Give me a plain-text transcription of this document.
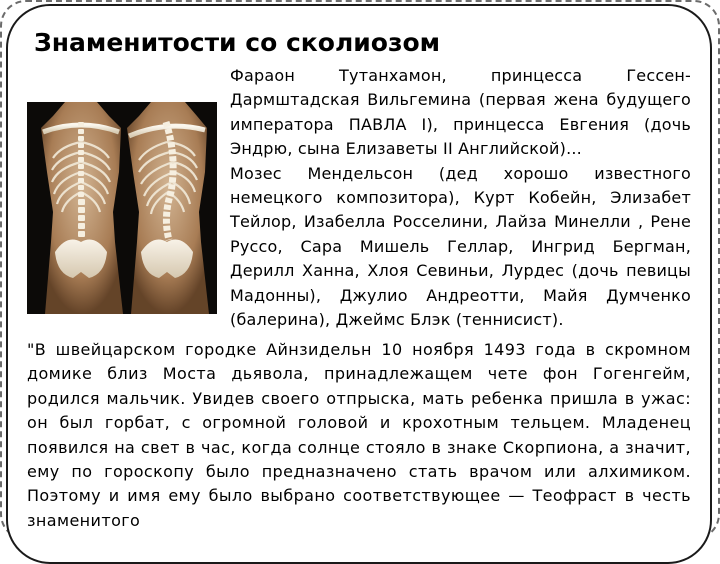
Знаменитости со сколиозом

Фараон Тутанхамон, принцесса Гессен-Дармштадская Вильгемина (первая жена будущего императора ПАВЛА I), принцесса Евгения (дочь Эндрю, сына Елизаветы II Английской)...

Мозес Мендельсон (дед хорошо известного немецкого композитора), Курт Кобейн, Элизабет Тейлор, Изабелла Росселини, Лайза Минелли , Рене Руссо, Сара Мишель Геллар, Ингрид Бергман, Дерилл Ханна, Хлоя Севиньи, Лурдес (дочь певицы Мадонны), Джулио Андреотти, Майя Думченко (балерина), Джеймс Блэк (теннисист).

"В швейцарском городке Айнзидельн 10 ноября 1493 года в скромном домике близ Моста дьявола, принадлежащем чете фон Гогенгейм, родился мальчик. Увидев своего отпрыска, мать ребенка пришла в ужас: он был горбат, с огромной головой и крохотным тельцем. Младенец появился на свет в час, когда солнце стояло в знаке Скорпиона, а значит, ему по гороскопу было предназначено стать врачом или алхимиком. Поэтому и имя ему было выбрано соответствующее — Теофраст в честь знаменитого
